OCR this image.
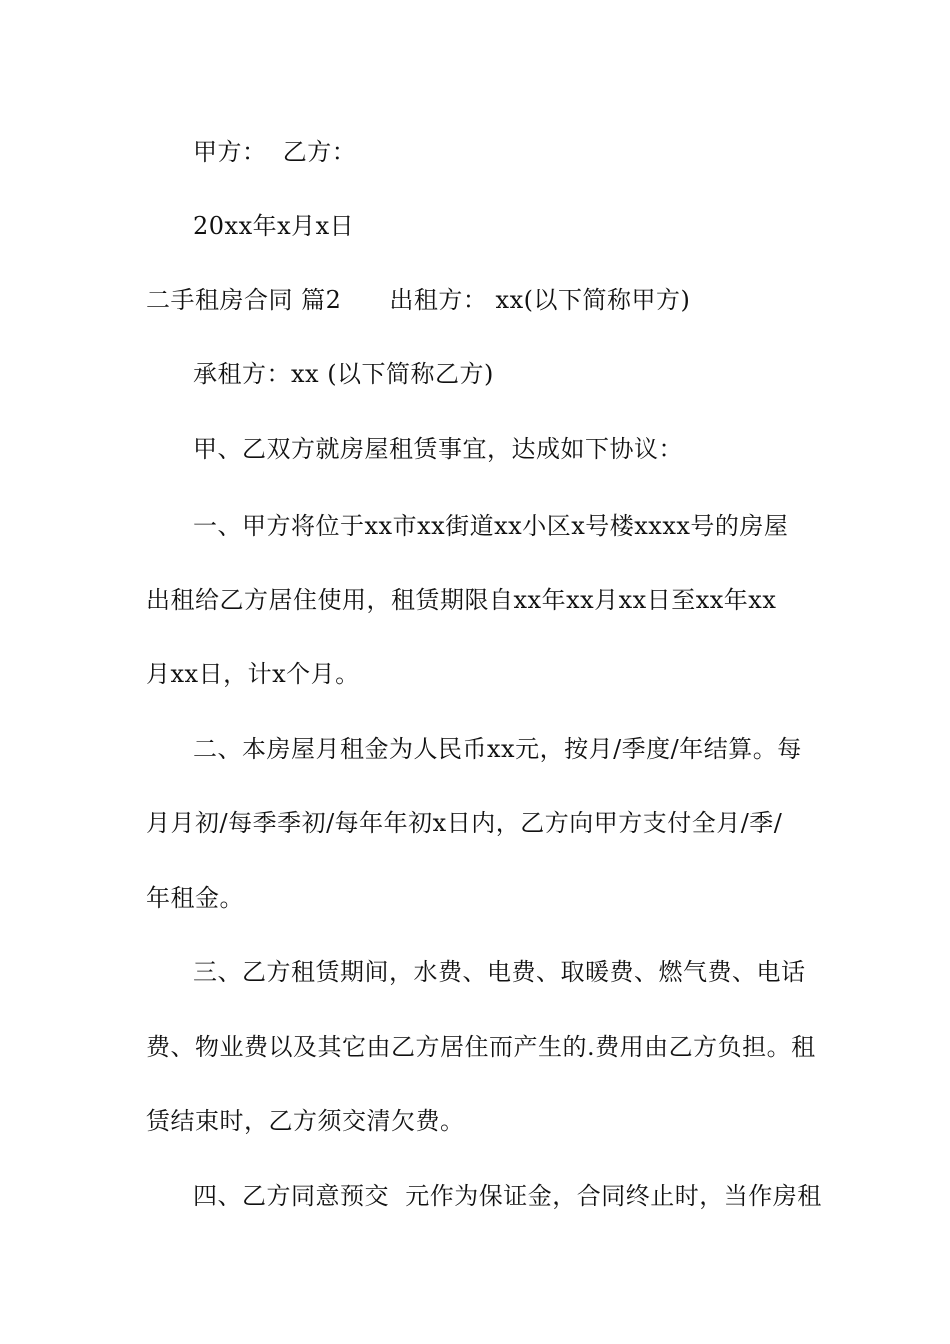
甲方：  乙方：
20xx年x月x日
二手租房合同 篇2 出租方： xx(以下简称甲方)
承租方：xx (以下简称乙方)
甲、乙双方就房屋租赁事宜，达成如下协议：
一、甲方将位于xx市xx街道xx小区x号楼xxxx号的房屋
出租给乙方居住使用，租赁期限自xx年xx月xx日至xx年xx
月xx日，计x个月。
二、本房屋月租金为人民币xx元，按月/季度/年结算。每
月月初/每季季初/每年年初x日内，乙方向甲方支付全月/季/
年租金。
三、乙方租赁期间，水费、电费、取暖费、燃气费、电话
费、物业费以及其它由乙方居住而产生的.费用由乙方负担。租
赁结束时，乙方须交清欠费。
四、乙方同意预交  元作为保证金，合同终止时，当作房租
